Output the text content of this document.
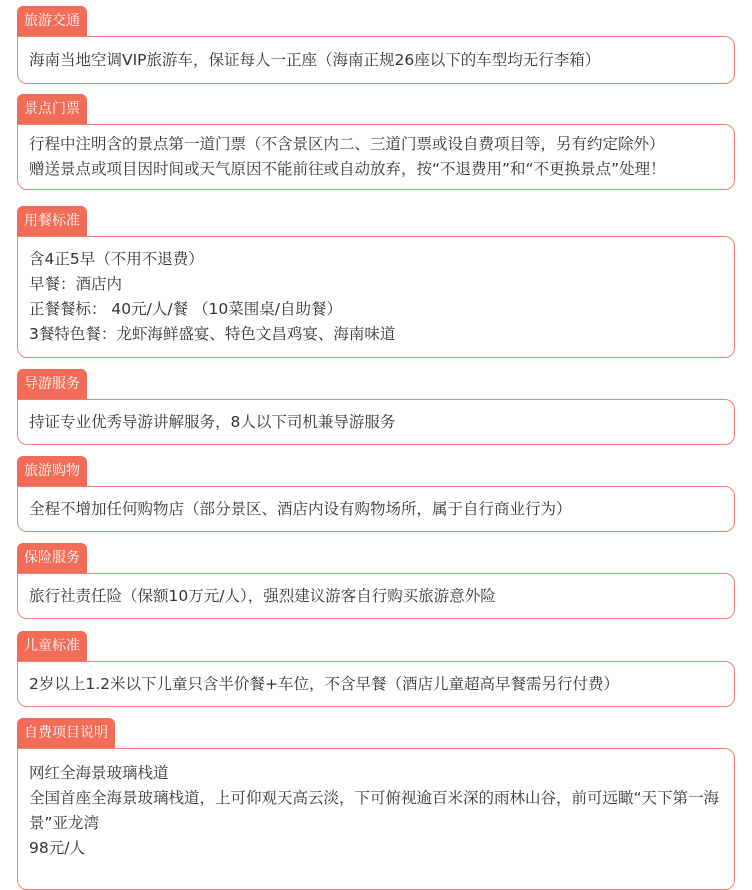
旅游交通
海南当地空调VIP旅游车，保证每人一正座（海南正规26座以下的车型均无行李箱）
景点门票
行程中注明含的景点第一道门票（不含景区内二、三道门票或设自费项目等，另有约定除外）
赠送景点或项目因时间或天气原因不能前往或自动放弃，按“不退费用”和“不更换景点”处理！
用餐标准
含4正5早（不用不退费）
早餐：酒店内
正餐餐标： 40元/人/餐 （10菜围桌/自助餐）
3餐特色餐：龙虾海鲜盛宴、特色文昌鸡宴、海南味道
导游服务
持证专业优秀导游讲解服务，8人以下司机兼导游服务
旅游购物
全程不增加任何购物店（部分景区、酒店内设有购物场所，属于自行商业行为）
保险服务
旅行社责任险（保额10万元/人），强烈建议游客自行购买旅游意外险
儿童标准
2岁以上1.2米以下儿童只含半价餐+车位，不含早餐（酒店儿童超高早餐需另行付费）
自费项目说明
网红全海景玻璃栈道
全国首座全海景玻璃栈道，上可仰观天高云淡，下可俯视逾百米深的雨林山谷，前可远瞰“天下第一海景”亚龙湾
98元/人
